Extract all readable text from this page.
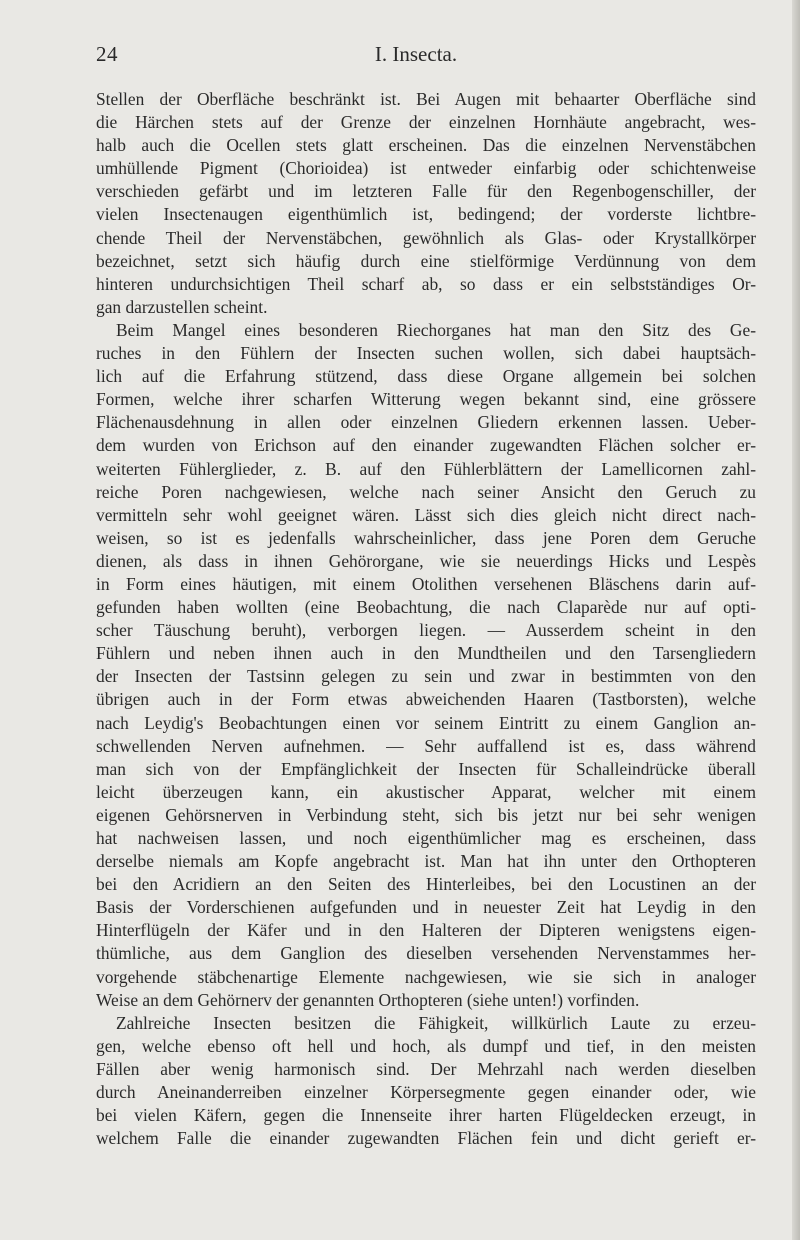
24	I. Insecta.
Stellen der Oberfläche beschränkt ist. Bei Augen mit behaarter Oberfläche sind
die Härchen stets auf der Grenze der einzelnen Hornhäute angebracht, wes-
halb auch die Ocellen stets glatt erscheinen. Das die einzelnen Nervenstäbchen
umhüllende Pigment (Chorioidea) ist entweder einfarbig oder schichtenweise
verschieden gefärbt und im letzteren Falle für den Regenbogenschiller, der
vielen Insectenaugen eigenthümlich ist, bedingend; der vorderste lichtbre-
chende Theil der Nervenstäbchen, gewöhnlich als Glas- oder Krystallkörper
bezeichnet, setzt sich häufig durch eine stielförmige Verdünnung von dem
hinteren undurchsichtigen Theil scharf ab, so dass er ein selbstständiges Or-
gan darzustellen scheint.
Beim Mangel eines besonderen Riechorganes hat man den Sitz des Ge-
ruches in den Fühlern der Insecten suchen wollen, sich dabei hauptsäch-
lich auf die Erfahrung stützend, dass diese Organe allgemein bei solchen
Formen, welche ihrer scharfen Witterung wegen bekannt sind, eine grössere
Flächenausdehnung in allen oder einzelnen Gliedern erkennen lassen. Ueber-
dem wurden von Erichson auf den einander zugewandten Flächen solcher er-
weiterten Fühlerglieder, z. B. auf den Fühlerblättern der Lamellicornen zahl-
reiche Poren nachgewiesen, welche nach seiner Ansicht den Geruch zu
vermitteln sehr wohl geeignet wären. Lässt sich dies gleich nicht direct nach-
weisen, so ist es jedenfalls wahrscheinlicher, dass jene Poren dem Geruche
dienen, als dass in ihnen Gehörorgane, wie sie neuerdings Hicks und Lespès
in Form eines häutigen, mit einem Otolithen versehenen Bläschens darin auf-
gefunden haben wollten (eine Beobachtung, die nach Claparède nur auf opti-
scher Täuschung beruht), verborgen liegen. — Ausserdem scheint in den
Fühlern und neben ihnen auch in den Mundtheilen und den Tarsengliedern
der Insecten der Tastsinn gelegen zu sein und zwar in bestimmten von den
übrigen auch in der Form etwas abweichenden Haaren (Tastborsten), welche
nach Leydig's Beobachtungen einen vor seinem Eintritt zu einem Ganglion an-
schwellenden Nerven aufnehmen. — Sehr auffallend ist es, dass während
man sich von der Empfänglichkeit der Insecten für Schalleindrücke überall
leicht überzeugen kann, ein akustischer Apparat, welcher mit einem
eigenen Gehörsnerven in Verbindung steht, sich bis jetzt nur bei sehr wenigen
hat nachweisen lassen, und noch eigenthümlicher mag es erscheinen, dass
derselbe niemals am Kopfe angebracht ist. Man hat ihn unter den Orthopteren
bei den Acridiern an den Seiten des Hinterleibes, bei den Locustinen an der
Basis der Vorderschienen aufgefunden und in neuester Zeit hat Leydig in den
Hinterflügeln der Käfer und in den Halteren der Dipteren wenigstens eigen-
thümliche, aus dem Ganglion des dieselben versehenden Nervenstammes her-
vorgehende stäbchenartige Elemente nachgewiesen, wie sie sich in analoger
Weise an dem Gehörnerv der genannten Orthopteren (siehe unten!) vorfinden.
Zahlreiche Insecten besitzen die Fähigkeit, willkürlich Laute zu erzeu-
gen, welche ebenso oft hell und hoch, als dumpf und tief, in den meisten
Fällen aber wenig harmonisch sind. Der Mehrzahl nach werden dieselben
durch Aneinanderreiben einzelner Körpersegmente gegen einander oder, wie
bei vielen Käfern, gegen die Innenseite ihrer harten Flügeldecken erzeugt, in
welchem Falle die einander zugewandten Flächen fein und dicht gerieft er-
